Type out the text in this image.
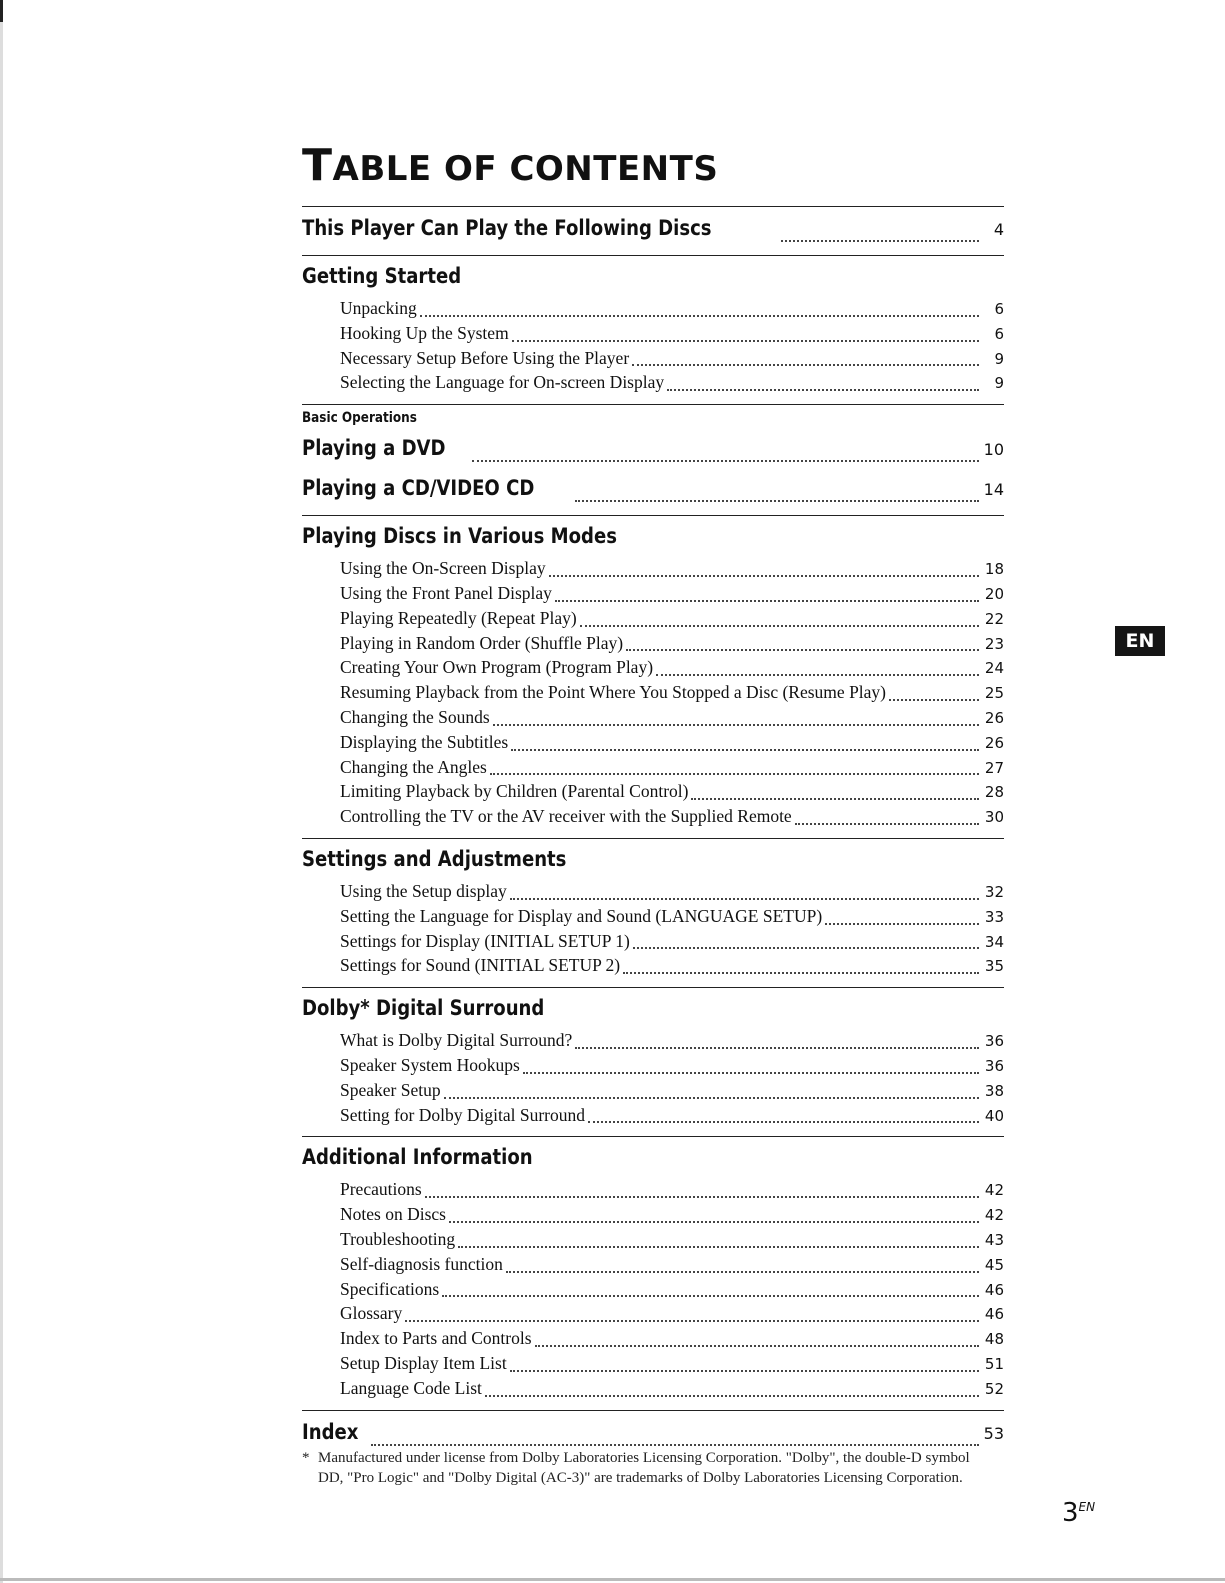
TABLE OF CONTENTS
This Player Can Play the Following Discs	4
Getting Started
Unpacking	6
Hooking Up the System	6
Necessary Setup Before Using the Player	9
Selecting the Language for On-screen Display	9
Basic Operations
Playing a DVD	10
Playing a CD/VIDEO CD	14
Playing Discs in Various Modes
Using the On-Screen Display	18
Using the Front Panel Display	20
Playing Repeatedly (Repeat Play)	22
Playing in Random Order (Shuffle Play)	23
Creating Your Own Program (Program Play)	24
Resuming Playback from the Point Where You Stopped a Disc (Resume Play)	25
Changing the Sounds	26
Displaying the Subtitles	26
Changing the Angles	27
Limiting Playback by Children (Parental Control)	28
Controlling the TV or the AV receiver with the Supplied Remote	30
Settings and Adjustments
Using the Setup display	32
Setting the Language for Display and Sound (LANGUAGE SETUP)	33
Settings for Display (INITIAL SETUP 1)	34
Settings for Sound (INITIAL SETUP 2)	35
Dolby* Digital Surround
What is Dolby Digital Surround?	36
Speaker System Hookups	36
Speaker Setup	38
Setting for Dolby Digital Surround	40
Additional Information
Precautions	42
Notes on Discs	42
Troubleshooting	43
Self-diagnosis function	45
Specifications	46
Glossary	46
Index to Parts and Controls	48
Setup Display Item List	51
Language Code List	52
Index	53
EN
* Manufactured under license from Dolby Laboratories Licensing Corporation. "Dolby", the double-D symbol DD, "Pro Logic" and "Dolby Digital (AC-3)" are trademarks of Dolby Laboratories Licensing Corporation.
$3^{EN}$
